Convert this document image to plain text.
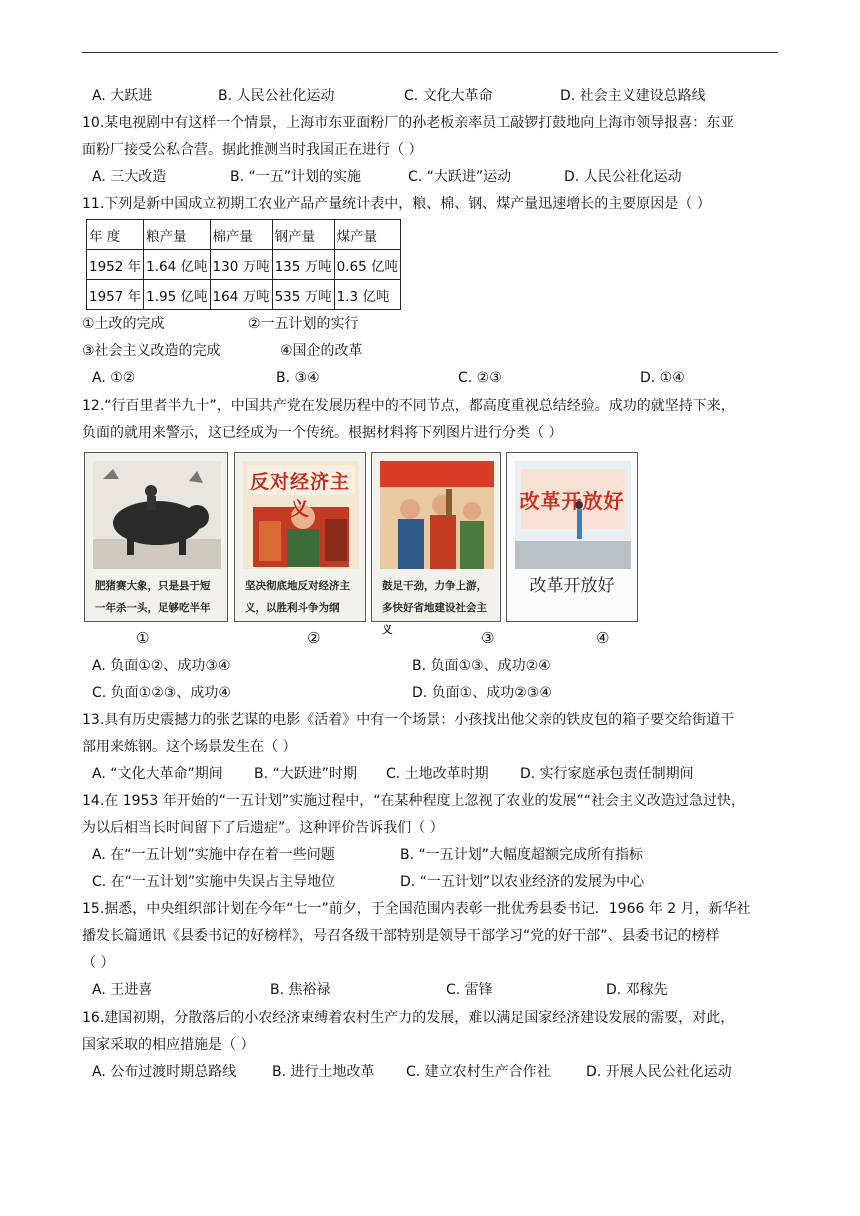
A. 大跃进	B. 人民公社化运动	C. 文化大革命	D. 社会主义建设总路线
10.某电视剧中有这样一个情景，上海市东亚面粉厂的孙老板亲率员工敲锣打鼓地向上海市领导报喜：东亚
面粉厂接受公私合营。据此推测当时我国正在进行（ ）
A. 三大改造	B. “一五”计划的实施	C. “大跃进”运动	D. 人民公社化运动
11.下列是新中国成立初期工农业产品产量统计表中，粮、棉、钢、煤产量迅速增长的主要原因是（ ）
年 度	粮产量	棉产量	钢产量	煤产量
1952 年	1.64 亿吨	130 万吨	135 万吨	0.65 亿吨
1957 年	1.95 亿吨	164 万吨	535 万吨	1.3 亿吨
①土改的完成	②一五计划的实行
③社会主义改造的完成	④国企的改革
A. ①②	B. ③④	C. ②③	D. ①④
12.“行百里者半九十”，中国共产党在发展历程中的不同节点，都高度重视总结经验。成功的就坚持下来，
负面的就用来警示，这已经成为一个传统。根据材料将下列图片进行分类（ ）
肥猪赛大象，只是县于短一年杀一头，足够吃半年
反对经济主义
坚决彻底地反对经济主义，以胜利斗争为纲
鼓足干劲，力争上游，多快好省地建设社会主义
改革开放好
改革开放好
①	②	③	④
A. 负面①②、成功③④	B. 负面①③、成功②④
C. 负面①②③、成功④	D. 负面①、成功②③④
13.具有历史震撼力的张艺谋的电影《活着》中有一个场景：小孩找出他父亲的铁皮包的箱子要交给街道干
部用来炼钢。这个场景发生在（ ）
A. “文化大革命”期间 B. “大跃进”时期 C. 土地改革时期 D. 实行家庭承包责任制期间
14.在 1953 年开始的“一五计划”实施过程中，“在某种程度上忽视了农业的发展”“社会主义改造过急过快，
为以后相当长时间留下了后遗症”。这种评价告诉我们（ ）
A. 在“一五计划”实施中存在着一些问题	B. “一五计划”大幅度超额完成所有指标
C. 在“一五计划”实施中失误占主导地位	D. “一五计划”以农业经济的发展为中心
15.据悉，中央组织部计划在今年“七一”前夕，于全国范围内表彰一批优秀县委书记．1966 年 2 月，新华社
播发长篇通讯《县委书记的好榜样》，号召各级干部特别是领导干部学习“党的好干部”、县委书记的榜样
（ ）
A. 王进喜	B. 焦裕禄	C. 雷锋	D. 邓稼先
16.建国初期，分散落后的小农经济束缚着农村生产力的发展，难以满足国家经济建设发展的需要，对此，
国家采取的相应措施是（ ）
A. 公布过渡时期总路线	B. 进行土地改革 C. 建立农村生产合作社	D. 开展人民公社化运动
